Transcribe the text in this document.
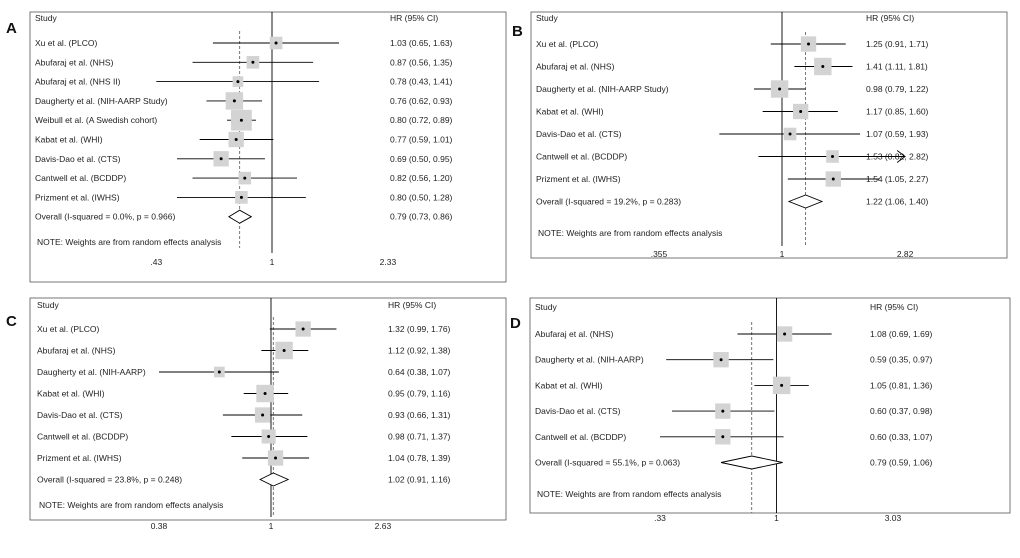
A
Study	HR (95% CI)
Xu et al. (PLCO)	1.03 (0.65, 1.63)
Abufaraj et al. (NHS)	0.87 (0.56, 1.35)
Abufaraj et al. (NHS II)	0.78 (0.43, 1.41)
Daugherty et al. (NIH-AARP Study)	0.76 (0.62, 0.93)
Weibull et al. (A Swedish cohort)	0.80 (0.72, 0.89)
Kabat et al. (WHI)	0.77 (0.59, 1.01)
Davis-Dao et al. (CTS)	0.69 (0.50, 0.95)
Cantwell et al. (BCDDP)	0.82 (0.56, 1.20)
Prizment et al. (IWHS)	0.80 (0.50, 1.28)
Overall (I-squared = 0.0%, p = 0.966)	0.79 (0.73, 0.86)
NOTE: Weights are from random effects analysis
.43	1	2.33
B
Study	HR (95% CI)
Xu et al. (PLCO)	1.25 (0.91, 1.71)
Abufaraj et al. (NHS)	1.41 (1.11, 1.81)
Daugherty et al. (NIH-AARP Study)	0.98 (0.79, 1.22)
Kabat et al. (WHI)	1.17 (0.85, 1.60)
Davis-Dao et al. (CTS)	1.07 (0.59, 1.93)
Cantwell et al. (BCDDP)	1.53 (0.82, 2.82)
Prizment et al. (IWHS)	1.54 (1.05, 2.27)
Overall (I-squared = 19.2%, p = 0.283)	1.22 (1.06, 1.40)
NOTE: Weights are from random effects analysis
.355	1	2.82
C
Study	HR (95% CI)
Xu et al. (PLCO)	1.32 (0.99, 1.76)
Abufaraj et al. (NHS)	1.12 (0.92, 1.38)
Daugherty et al. (NIH-AARP)	0.64 (0.38, 1.07)
Kabat et al. (WHI)	0.95 (0.79, 1.16)
Davis-Dao et al. (CTS)	0.93 (0.66, 1.31)
Cantwell et al. (BCDDP)	0.98 (0.71, 1.37)
Prizment et al. (IWHS)	1.04 (0.78, 1.39)
Overall (I-squared = 23.8%, p = 0.248)	1.02 (0.91, 1.16)
NOTE: Weights are from random effects analysis
0.38	1	2.63
D
Study	HR (95% CI)
Abufaraj et al. (NHS)	1.08 (0.69, 1.69)
Daugherty et al. (NIH-AARP)	0.59 (0.35, 0.97)
Kabat et al. (WHI)	1.05 (0.81, 1.36)
Davis-Dao et al. (CTS)	0.60 (0.37, 0.98)
Cantwell et al. (BCDDP)	0.60 (0.33, 1.07)
Overall (I-squared = 55.1%, p = 0.063)	0.79 (0.59, 1.06)
NOTE: Weights are from random effects analysis
.33	1	3.03
